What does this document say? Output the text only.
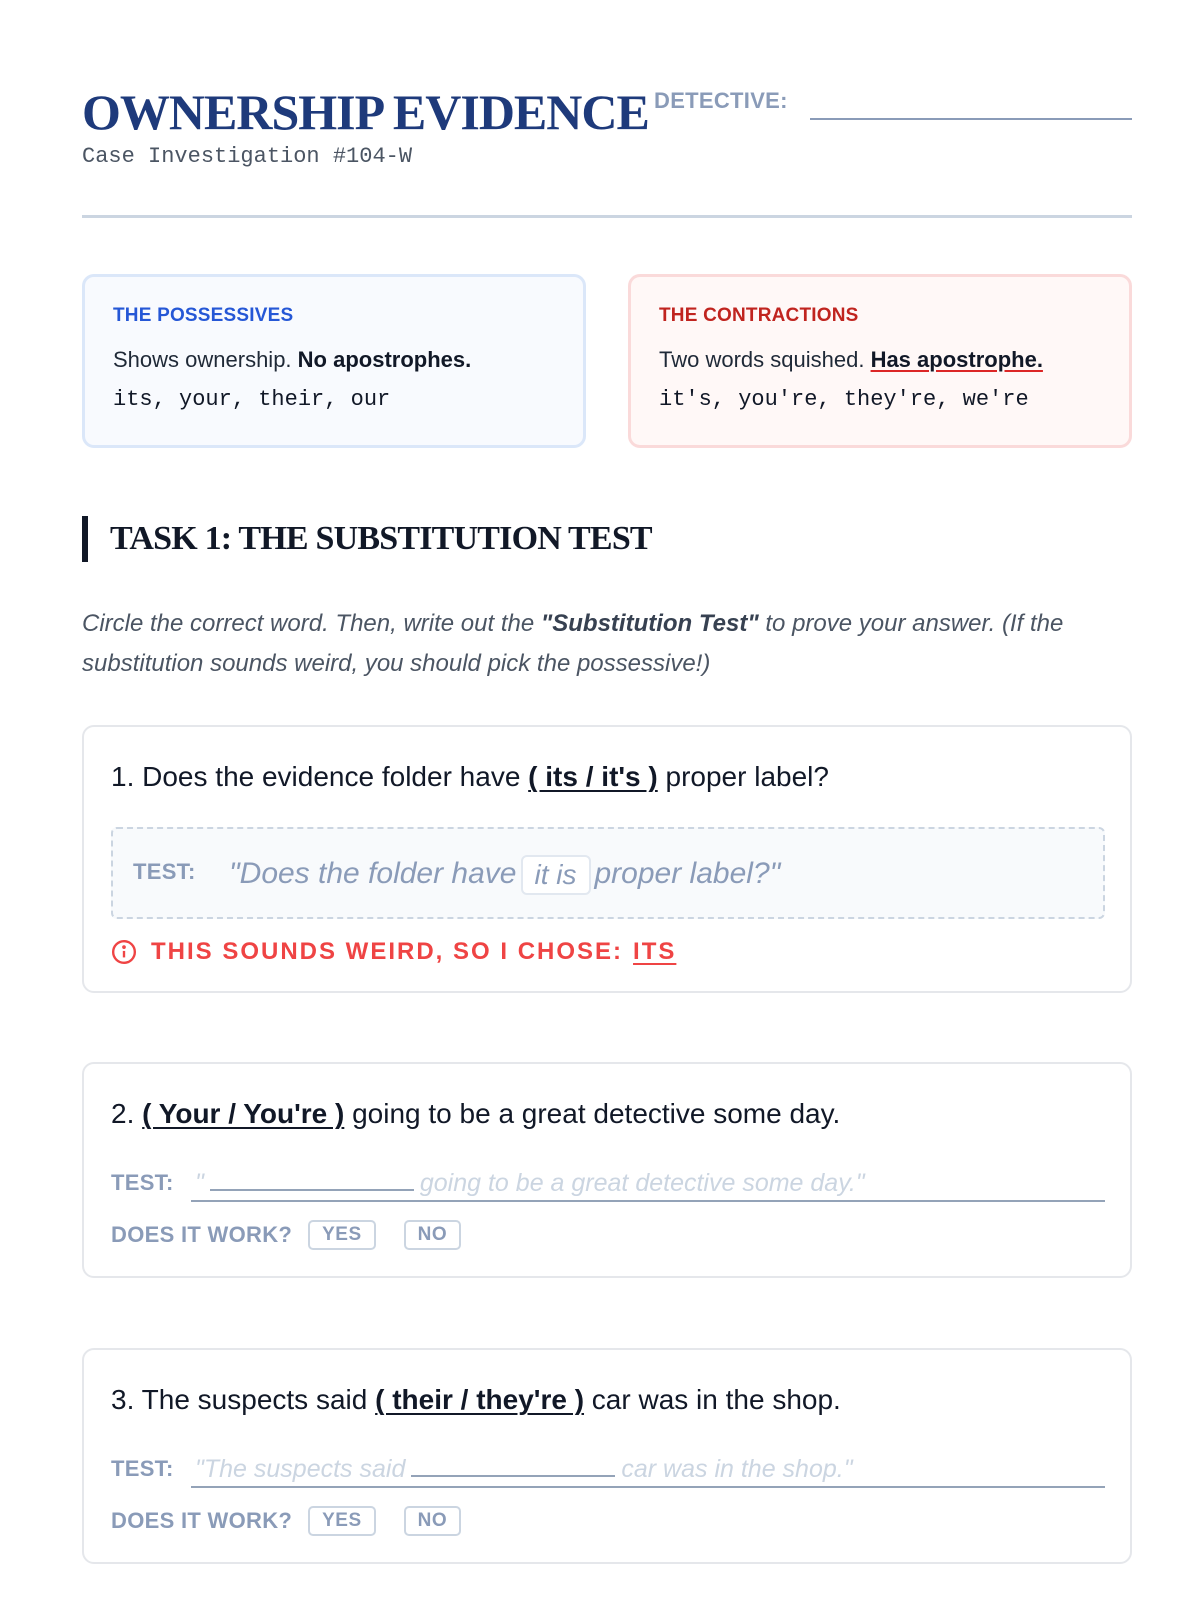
OWNERSHIP EVIDENCE
Case Investigation #104-W
DETECTIVE:
THE POSSESSIVES
Shows ownership. No apostrophes.
its, your, their, our
THE CONTRACTIONS
Two words squished. Has apostrophe.
it's, you're, they're, we're
TASK 1: THE SUBSTITUTION TEST
Circle the correct word. Then, write out the "Substitution Test" to prove your answer. (If the substitution sounds weird, you should pick the possessive!)
1. Does the evidence folder have ( its / it's ) proper label?
TEST: "Does the folder have it is proper label?"
THIS SOUNDS WEIRD, SO I CHOSE: ITS
2. ( Your / You're ) going to be a great detective some day.
TEST: "	going to be a great detective some day."
DOES IT WORK?	YES	NO
3. The suspects said ( their / they're ) car was in the shop.
TEST: "The suspects said	car was in the shop."
DOES IT WORK?	YES	NO
